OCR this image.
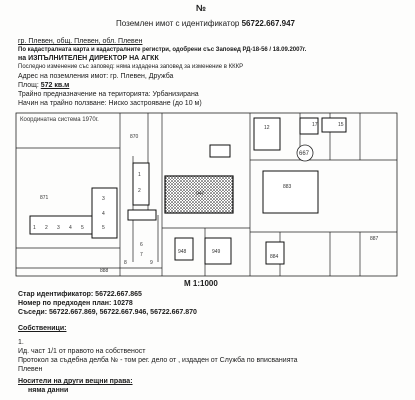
№
Поземлен имот с идентификатор 56722.667.947
гр. Плевен, общ. Плевен, обл. Плевен
По кадастралната карта и кадастралните регистри, одобрени със Заповед РД-18-56 / 18.09.2007г.
на ИЗПЪЛНИТЕЛЕН ДИРЕКТОР НА АГКК
Последно изменение със заповед: няма издадена заповед за изменение в КККР
Адрес на поземления имот: гр. Плевен, Дружба
Площ: 572 кв.м
Трайно предназначение на територията: Урбанизирана
Начин на трайно ползване: Ниско застрояване (до 10 м)
Координатна система 1970г.
947
870
871
948	949
883
884
887
888
667
12	17	15
1
2
3
4
5
1 2 3 4 5
6
7
8	9
М 1:1000
Стар идентификатор: 56722.667.865
Номер по предходен план: 10278
Съседи: 56722.667.869, 56722.667.946, 56722.667.870
Собственици:
1.
Ид. част 1/1 от правото на собственост
Протокол за съдебна делба № - том рег. дело от , издаден от Служба по вписванията
Плевен
Носители на други вещни права:
няма данни
